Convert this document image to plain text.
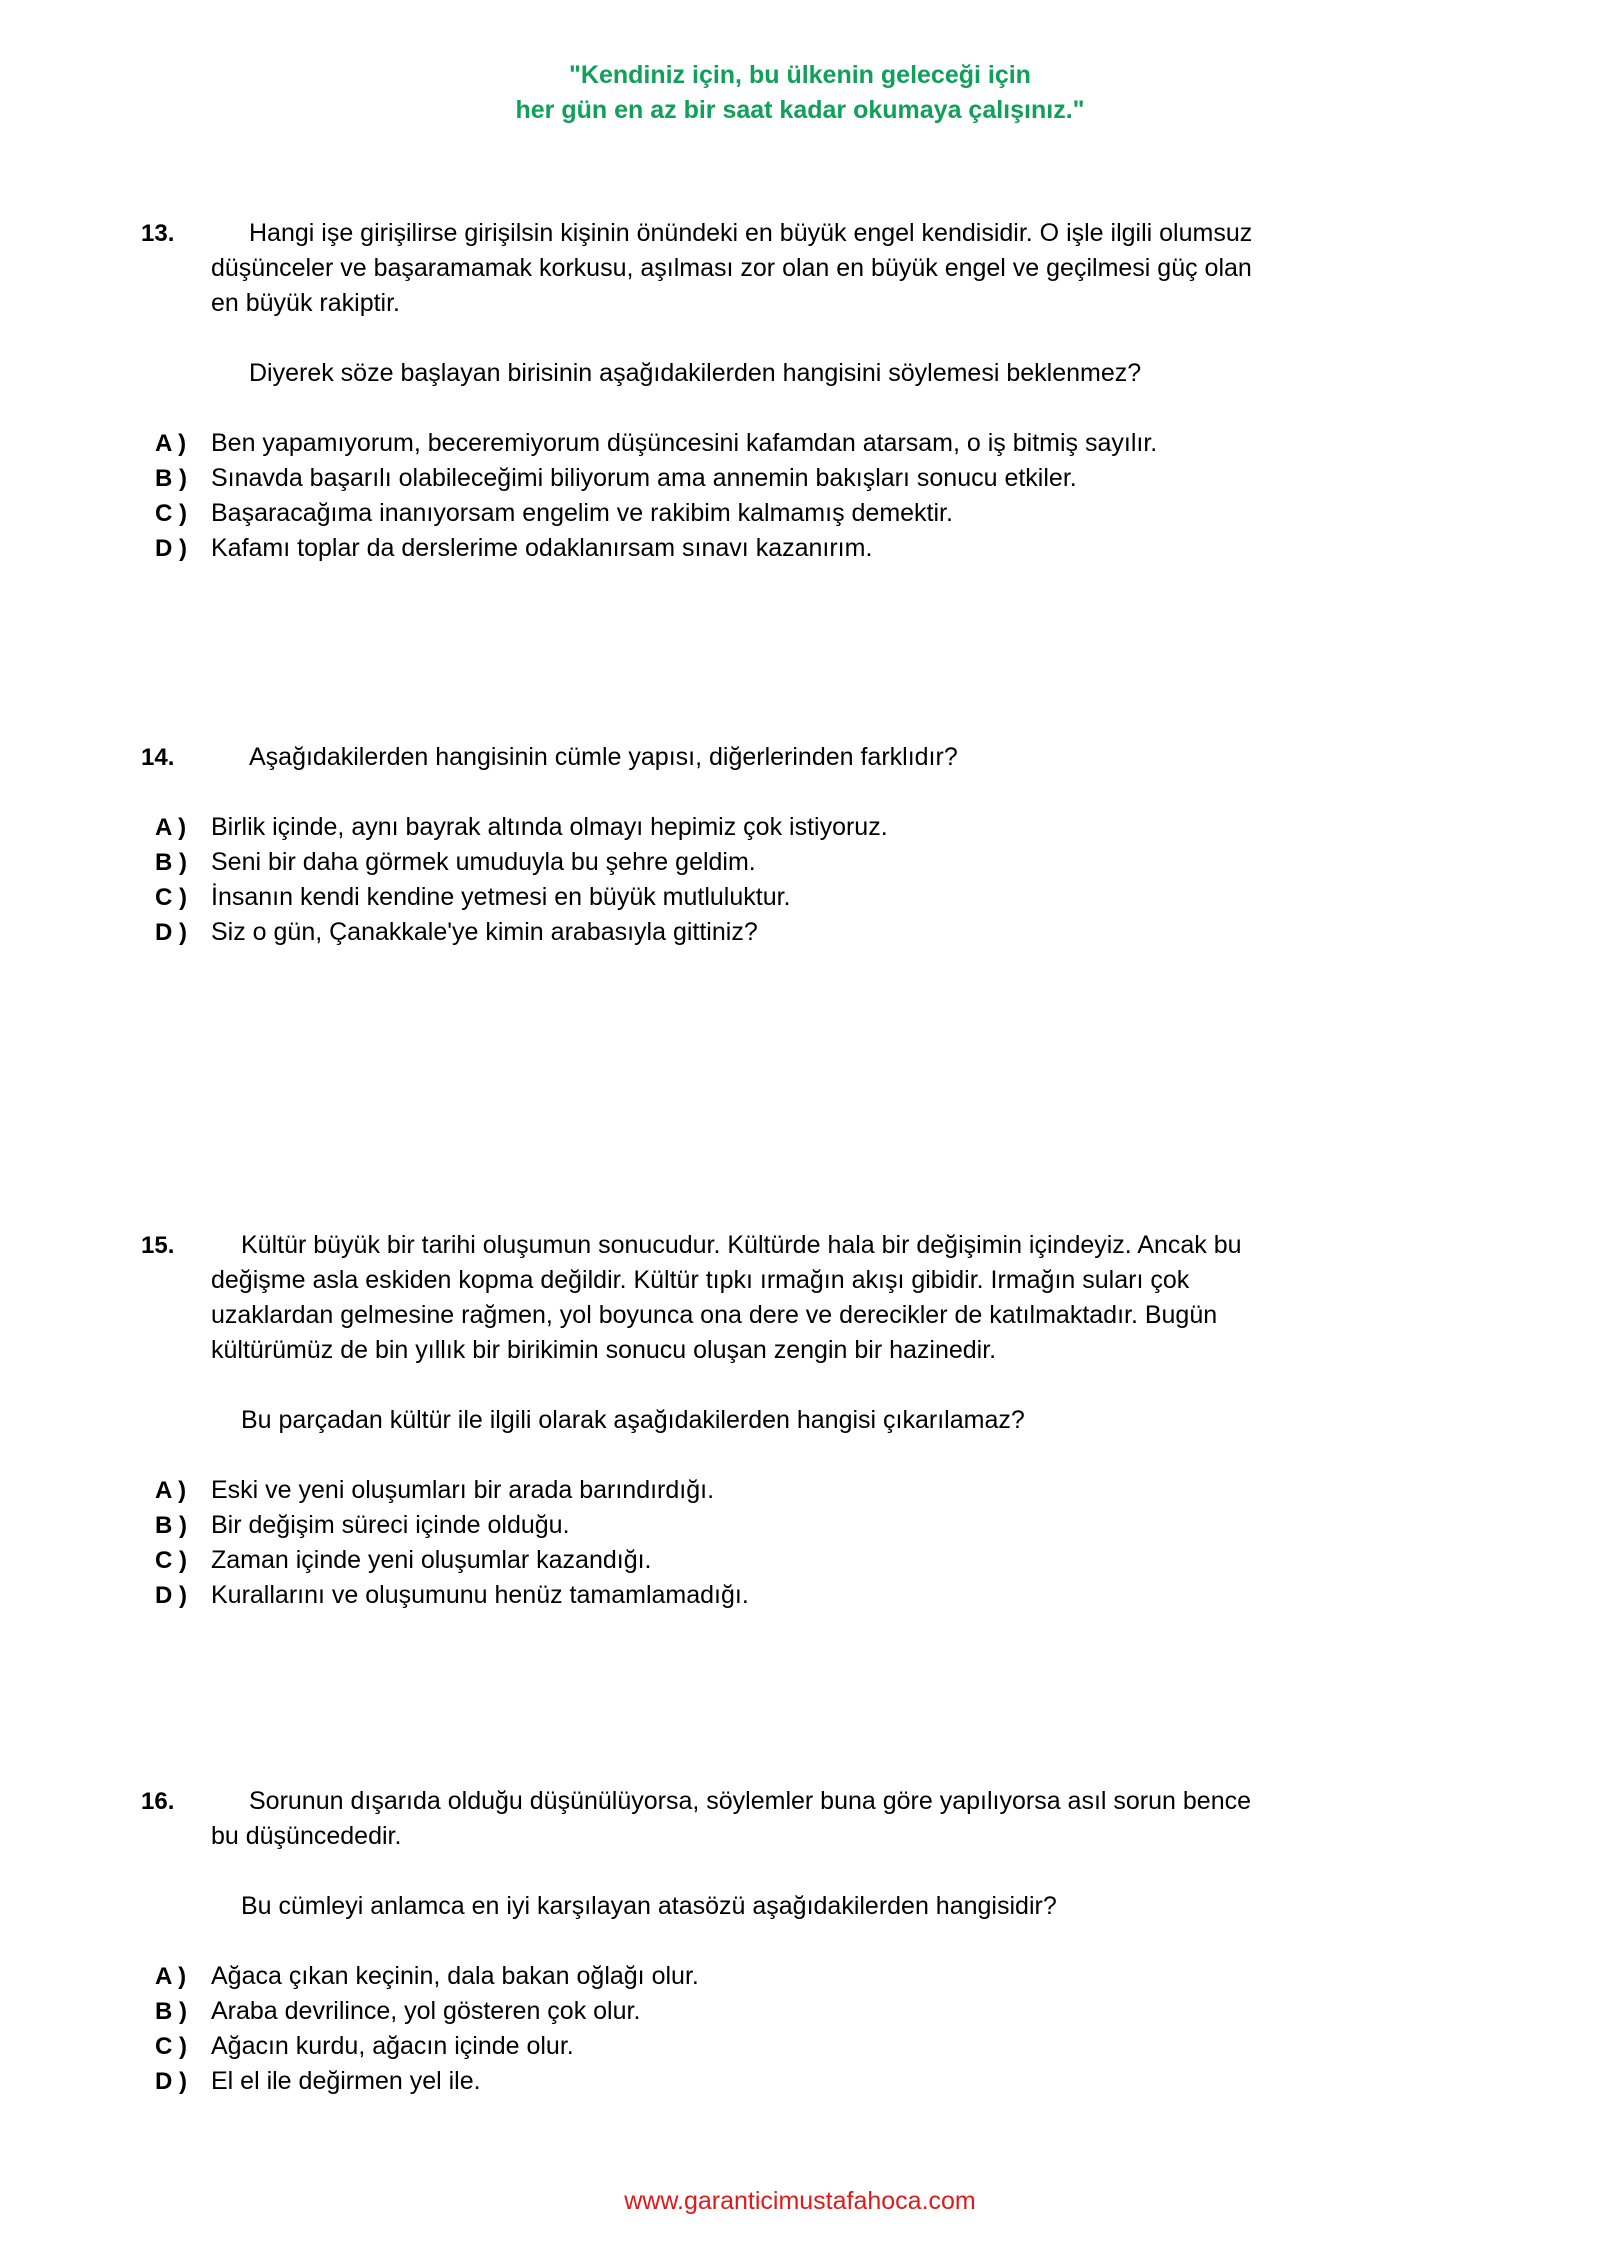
"Kendiniz için, bu ülkenin geleceği için
her gün en az bir saat kadar okumaya çalışınız."
13.	Hangi işe girişilirse girişilsin kişinin önündeki en büyük engel kendisidir. O işle ilgili olumsuz

düşünceler ve başaramamak korkusu, aşılması zor olan en büyük engel ve geçilmesi güç olan

en büyük rakiptir.

Diyerek söze başlayan birisinin aşağıdakilerden hangisini söylemesi beklenmez?

A ) Ben yapamıyorum, beceremiyorum düşüncesini kafamdan atarsam, o iş bitmiş sayılır.
B ) Sınavda başarılı olabileceğimi biliyorum ama annemin bakışları sonucu etkiler.
C ) Başaracağıma inanıyorsam engelim ve rakibim kalmamış demektir.
D ) Kafamı toplar da derslerime odaklanırsam sınavı kazanırım.
14.	Aşağıdakilerden hangisinin cümle yapısı, diğerlerinden farklıdır?

A ) Birlik içinde, aynı bayrak altında olmayı hepimiz çok istiyoruz.
B ) Seni bir daha görmek umuduyla bu şehre geldim.
C ) İnsanın kendi kendine yetmesi en büyük mutluluktur.
D ) Siz o gün, Çanakkale'ye kimin arabasıyla gittiniz?
15.	Kültür büyük bir tarihi oluşumun sonucudur. Kültürde hala bir değişimin içindeyiz. Ancak bu

değişme asla eskiden kopma değildir. Kültür tıpkı ırmağın akışı gibidir. Irmağın suları çok

uzaklardan gelmesine rağmen, yol boyunca ona dere ve derecikler de katılmaktadır. Bugün

kültürümüz de bin yıllık bir birikimin sonucu oluşan zengin bir hazinedir.

Bu parçadan kültür ile ilgili olarak aşağıdakilerden hangisi çıkarılamaz?

A ) Eski ve yeni oluşumları bir arada barındırdığı.
B ) Bir değişim süreci içinde olduğu.
C ) Zaman içinde yeni oluşumlar kazandığı.
D ) Kurallarını ve oluşumunu henüz tamamlamadığı.
16.	Sorunun dışarıda olduğu düşünülüyorsa, söylemler buna göre yapılıyorsa asıl sorun bence

bu düşüncededir.

Bu cümleyi anlamca en iyi karşılayan atasözü aşağıdakilerden hangisidir?

A ) Ağaca çıkan keçinin, dala bakan oğlağı olur.
B ) Araba devrilince, yol gösteren çok olur.
C ) Ağacın kurdu, ağacın içinde olur.
D ) El el ile değirmen yel ile.
www.garanticimustafahoca.com
